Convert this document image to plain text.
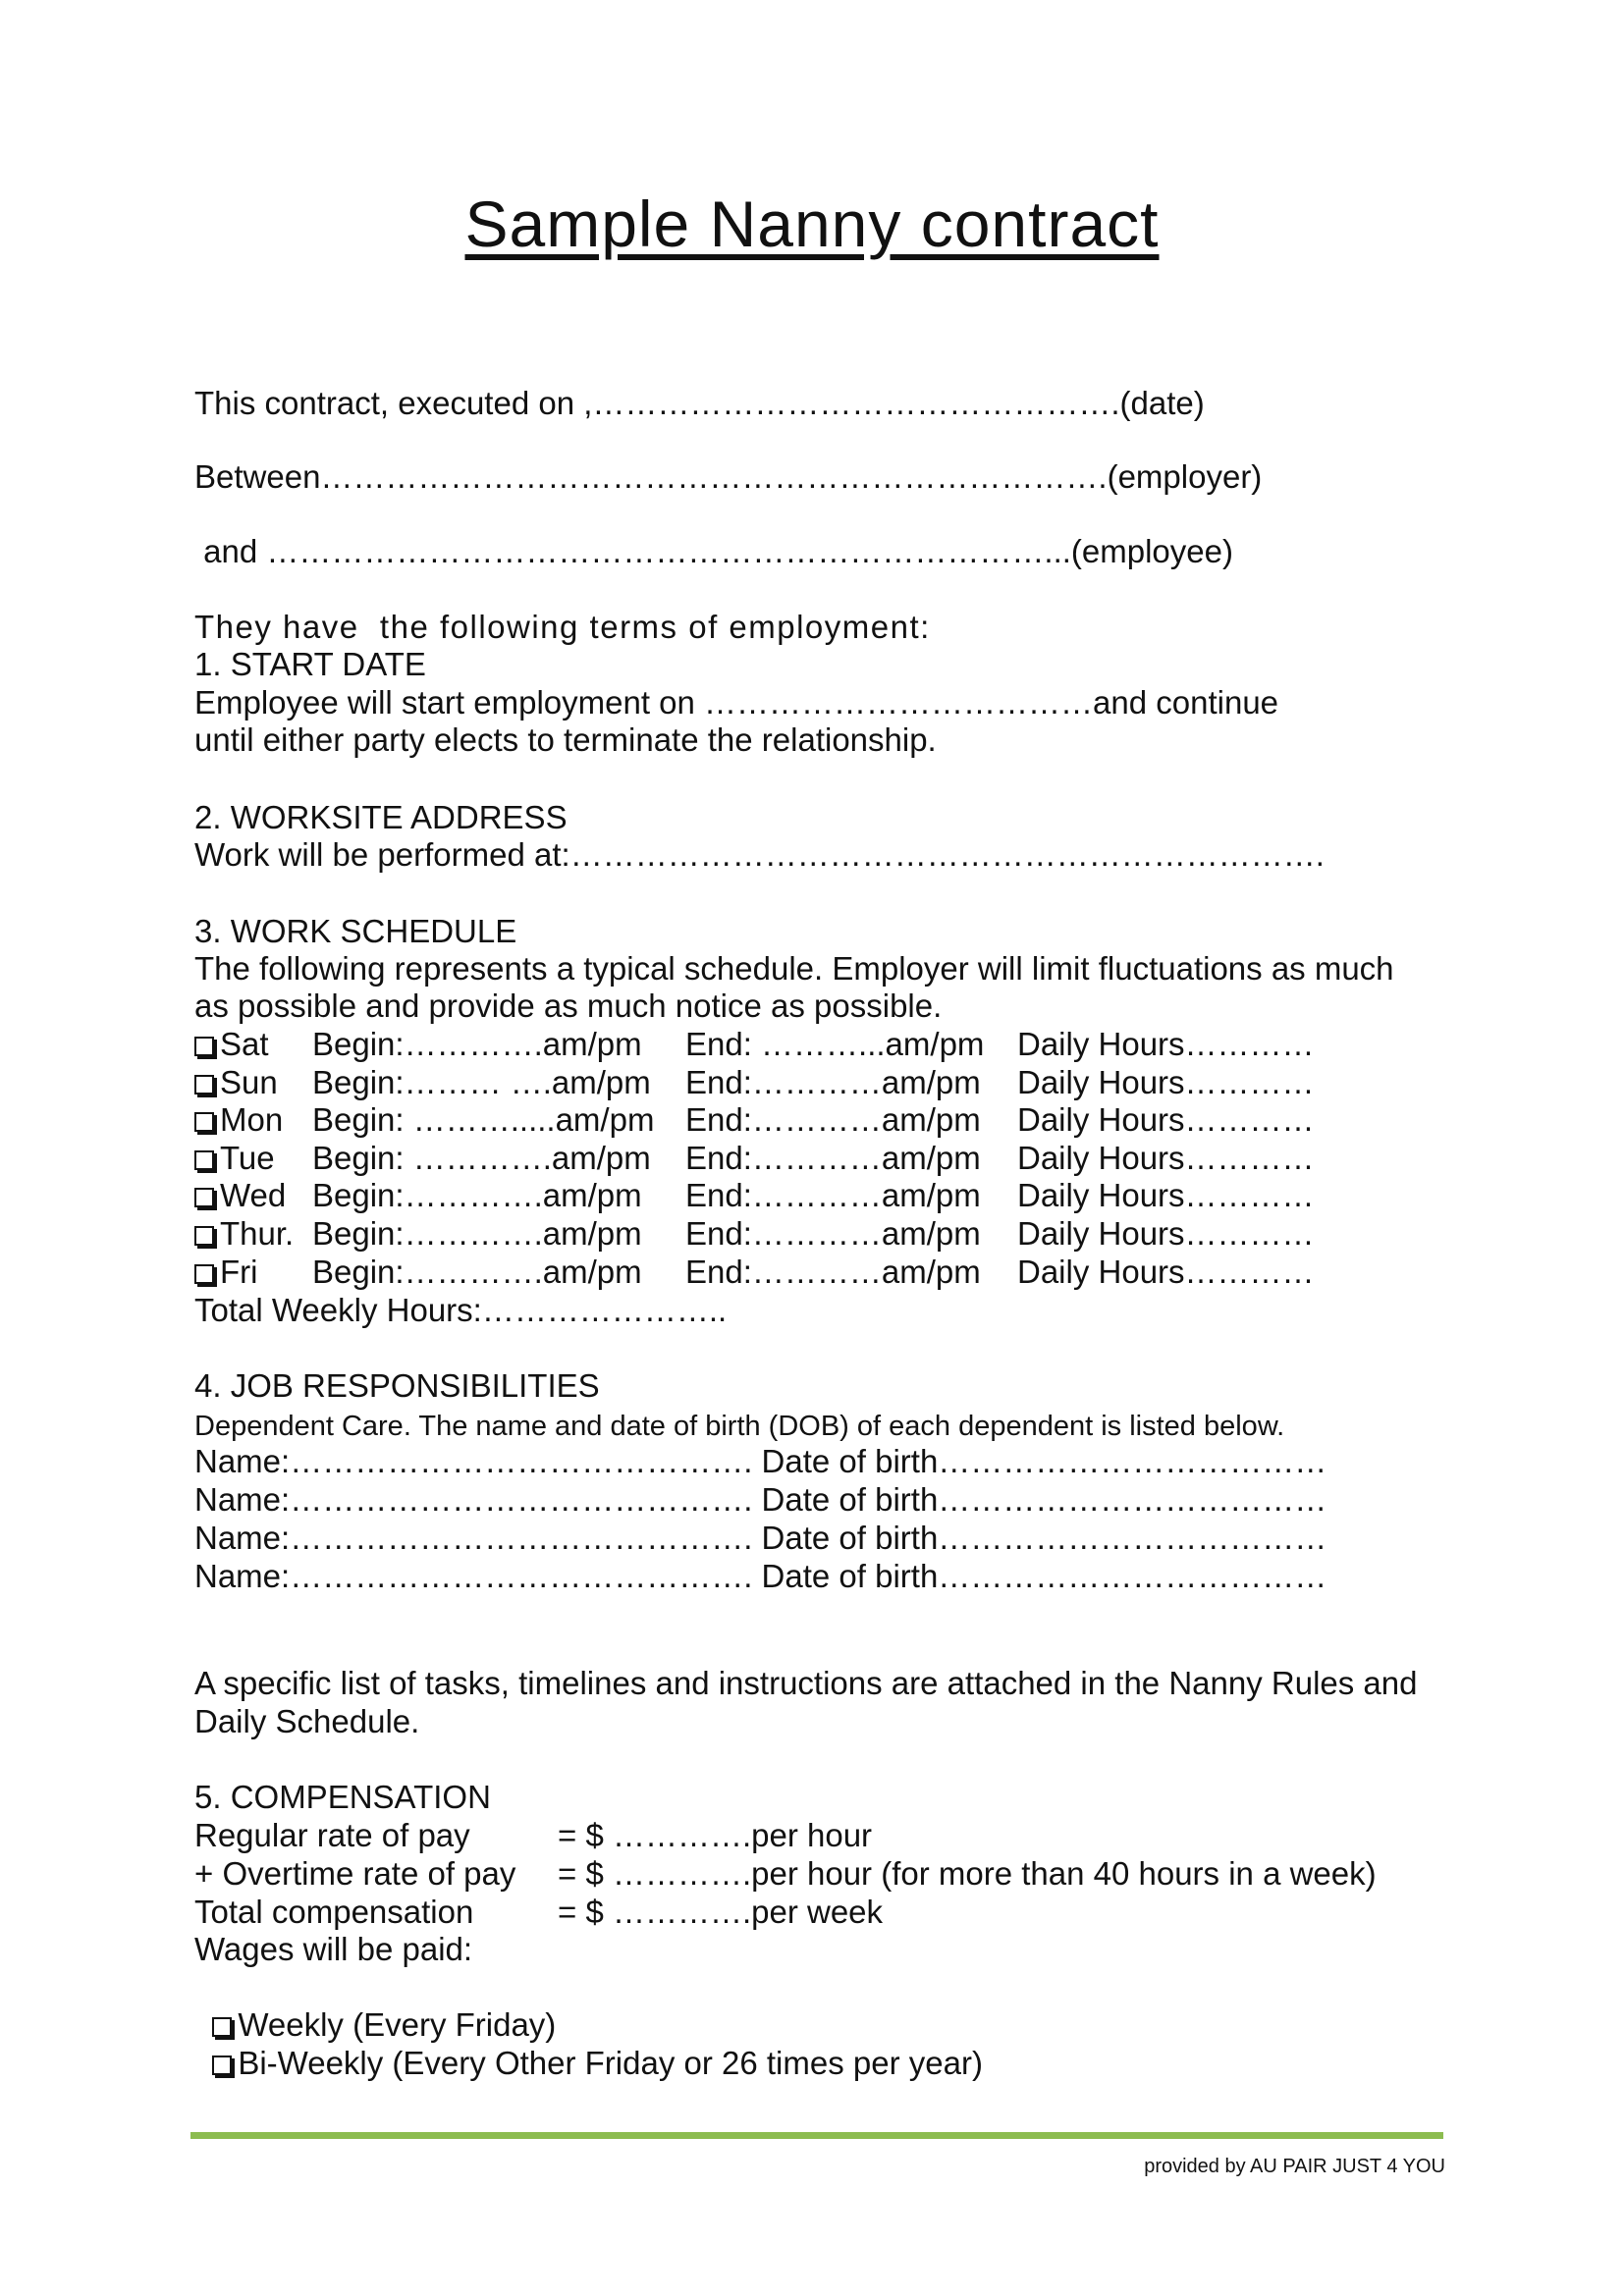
Sample Nanny contract
This contract, executed on ,………………………………………….(date)
Between……………………………………………………………….(employer)
and ………………………………………………………………...(employee)
They have  the following terms of employment:
1. START DATE
Employee will start employment on ………………………………and continue
until either party elects to terminate the relationship.
2. WORKSITE ADDRESS
Work will be performed at:…………………………………………………………….
3. WORK SCHEDULE
The following represents a typical schedule. Employer will limit fluctuations as much
as possible and provide as much notice as possible.
Sat Begin:………….am/pm End: ………...am/pm Daily Hours…………
Sun Begin:……… ….am/pm End:…………am/pm Daily Hours…………
Mon Begin: ……….....am/pm End:…………am/pm Daily Hours…………
Tue Begin: ………….am/pm End:…………am/pm Daily Hours…………
Wed Begin:………….am/pm End:…………am/pm Daily Hours…………
Thur. Begin:………….am/pm End:…………am/pm Daily Hours…………
Fri Begin:………….am/pm End:…………am/pm Daily Hours…………
Total Weekly Hours:…………………..
4. JOB RESPONSIBILITIES
Dependent Care. The name and date of birth (DOB) of each dependent is listed below.
Name:……………………………………. Date of birth………………………………
Name:……………………………………. Date of birth………………………………
Name:……………………………………. Date of birth………………………………
Name:……………………………………. Date of birth………………………………
A specific list of tasks, timelines and instructions are attached in the Nanny Rules and
Daily Schedule.
5. COMPENSATION

Regular rate of pay

	= $ ………….per hour

+ Overtime rate of pay

= $ ………….per hour (for more than 40 hours in a week)

Total compensation

	= $ ………….per week

Wages will be paid:

Weekly (Every Friday)

Bi-Weekly (Every Other Friday or 26 times per year)

provided by AU PAIR JUST 4 YOU
